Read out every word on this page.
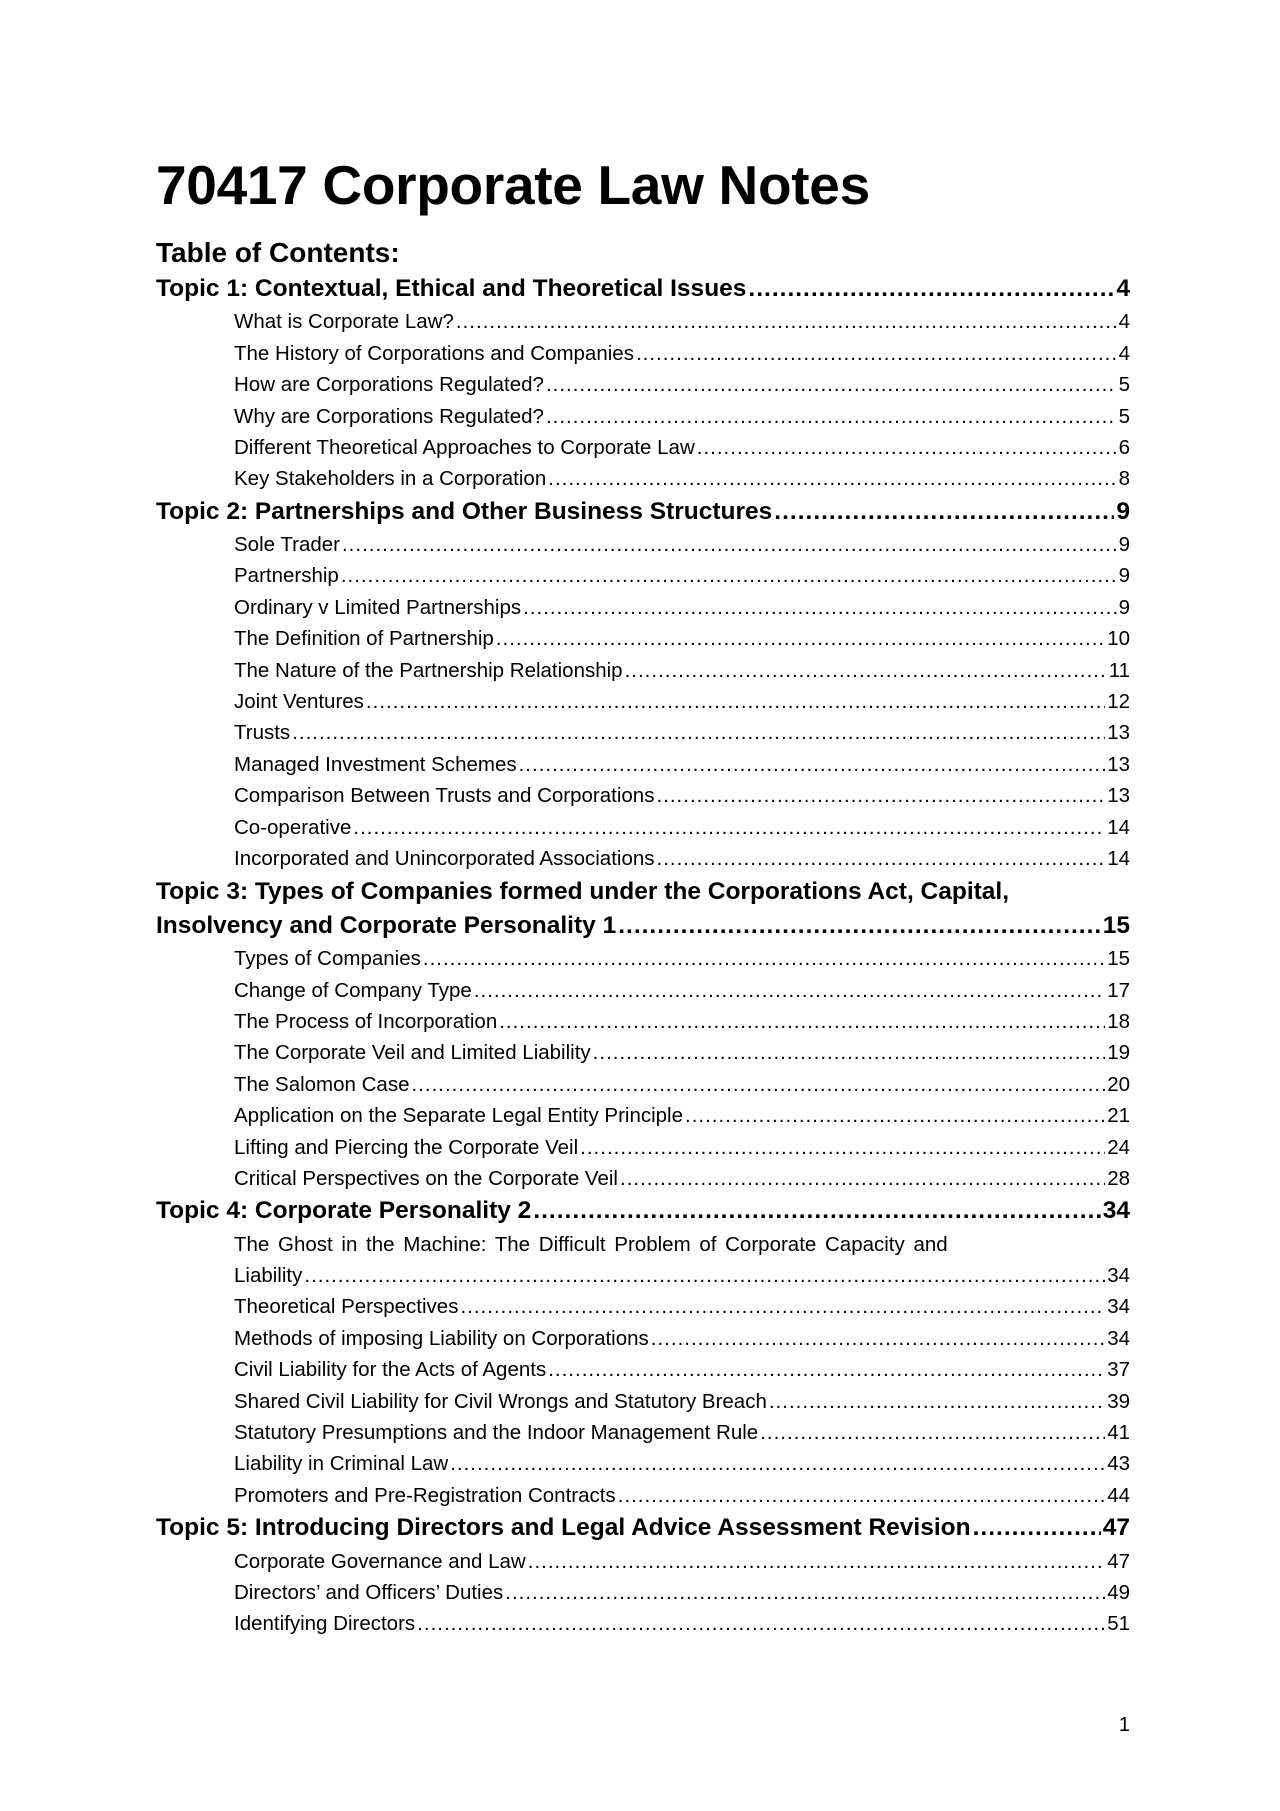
70417 Corporate Law Notes
Table of Contents:
Topic 1: Contextual, Ethical and Theoretical Issues .....	4
What is Corporate Law? .....	4
The History of Corporations and Companies .....	4
How are Corporations Regulated? .....	5
Why are Corporations Regulated? .....	5
Different Theoretical Approaches to Corporate Law .....	6
Key Stakeholders in a Corporation .....	8
Topic 2: Partnerships and Other Business Structures .....	9
Sole Trader .....	9
Partnership .....	9
Ordinary v Limited Partnerships .....	9
The Definition of Partnership .....	10
The Nature of the Partnership Relationship .....	11
Joint Ventures .....	12
Trusts .....	13
Managed Investment Schemes .....	13
Comparison Between Trusts and Corporations .....	13
Co-operative .....	14
Incorporated and Unincorporated Associations .....	14
Topic 3: Types of Companies formed under the Corporations Act, Capital,
Insolvency and Corporate Personality 1 .....	15
Types of Companies .....	15
Change of Company Type .....	17
The Process of Incorporation .....	18
The Corporate Veil and Limited Liability .....	19
The Salomon Case .....	20
Application on the Separate Legal Entity Principle .....	21
Lifting and Piercing the Corporate Veil .....	24
Critical Perspectives on the Corporate Veil .....	28
Topic 4: Corporate Personality 2 .....	34
The Ghost in the Machine: The Difficult Problem of Corporate Capacity and
Liability .....	34
Theoretical Perspectives .....	34
Methods of imposing Liability on Corporations .....	34
Civil Liability for the Acts of Agents .....	37
Shared Civil Liability for Civil Wrongs and Statutory Breach .....	39
Statutory Presumptions and the Indoor Management Rule .....	41
Liability in Criminal Law .....	43
Promoters and Pre-Registration Contracts .....	44
Topic 5: Introducing Directors and Legal Advice Assessment Revision .....	47
Corporate Governance and Law .....	47
Directors’ and Officers’ Duties .....	49
Identifying Directors .....	51
1
